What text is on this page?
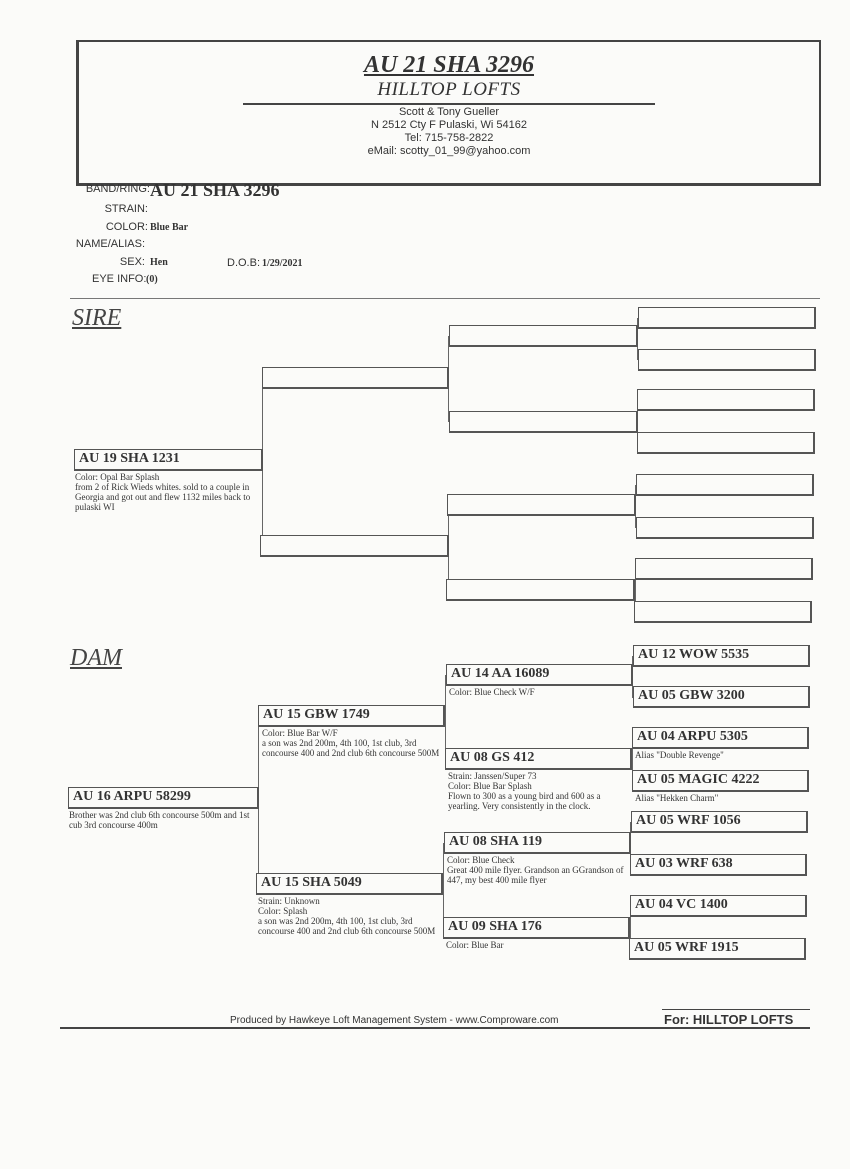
AU 21 SHA 3296
HILLTOP LOFTS
Scott & Tony Gueller
N 2512 Cty F Pulaski, Wi 54162
Tel: 715-758-2822
eMail: scotty_01_99@yahoo.com
BAND/RING: AU 21 SHA 3296
STRAIN:
COLOR: Blue Bar
NAME/ALIAS:
SEX: Hen	D.O.B: 1/29/2021
EYE INFO: (0)
SIRE
AU 19 SHA 1231
Color: Opal Bar Splash
from 2 of Rick Wieds whites. sold to a couple in Georgia and got out and flew 1132 miles back to pulaski WI
DAM
AU 16 ARPU 58299
Brother was 2nd club 6th concourse 500m and 1st cub 3rd concourse 400m
AU 15 GBW 1749
Color: Blue Bar W/F
a son was 2nd 200m, 4th 100, 1st club, 3rd concourse 400 and 2nd club 6th concourse 500M
AU 15 SHA 5049
Strain: Unknown
Color: Splash
a son was 2nd 200m, 4th 100, 1st club, 3rd concourse 400 and 2nd club 6th concourse 500M
AU 14 AA 16089
Color: Blue Check W/F
AU 08 GS 412
Strain: Janssen/Super 73
Color: Blue Bar Splash
Flown to 300 as a young bird and 600 as a yearling. Very consistently in the clock.
AU 08 SHA 119
Color: Blue Check
Great 400 mile flyer. Grandson an GGrandson of 447, my best 400 mile flyer
AU 09 SHA 176
Color: Blue Bar
AU 12 WOW 5535
AU 05 GBW 3200
AU 04 ARPU 5305
Alias "Double Revenge"
AU 05 MAGIC 4222
Alias "Hekken Charm"
AU 05 WRF 1056
AU 03 WRF 638
AU 04 VC 1400
AU 05 WRF 1915
Produced by Hawkeye Loft Management System - www.Comproware.com	For: HILLTOP LOFTS
